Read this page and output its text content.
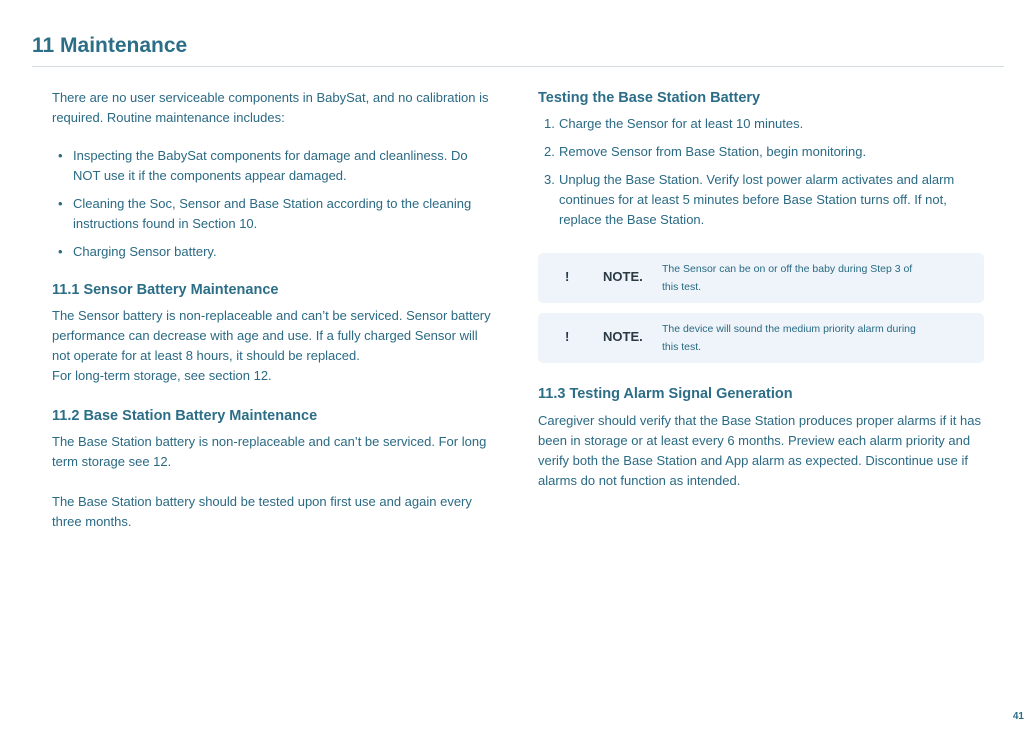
11 Maintenance

There are no user serviceable components in BabySat, and no calibration is required. Routine maintenance includes:

• Inspecting the BabySat components for damage and cleanliness. Do NOT use it if the components appear damaged.
• Cleaning the Soc, Sensor and Base Station according to the cleaning instructions found in Section 10.
• Charging Sensor battery.
11.1 Sensor Battery Maintenance

The Sensor battery is non-replaceable and can’t be serviced. Sensor battery performance can decrease with age and use. If a fully charged Sensor will not operate for at least 8 hours, it should be replaced.

For long-term storage, see section 12.

11.2 Base Station Battery Maintenance

The Base Station battery is non-replaceable and can’t be serviced. For long term storage see 12.

The Base Station battery should be tested upon first use and again every three months.

Testing the Base Station Battery
1. Charge the Sensor for at least 10 minutes.
2. Remove Sensor from Base Station, begin monitoring.
3. Unplug the Base Station. Verify lost power alarm activates and alarm continues for at least 5 minutes before Base Station turns off. If not, replace the Base Station.
!	NOTE. The Sensor can be on or off the baby during Step 3 of this test.
!	NOTE. The device will sound the medium priority alarm during this test.
11.3 Testing Alarm Signal Generation

Caregiver should verify that the Base Station produces proper alarms if it has been in storage or at least every 6 months. Preview each alarm priority and verify both the Base Station and App alarm as expected. Discontinue use if alarms do not function as intended.

41
